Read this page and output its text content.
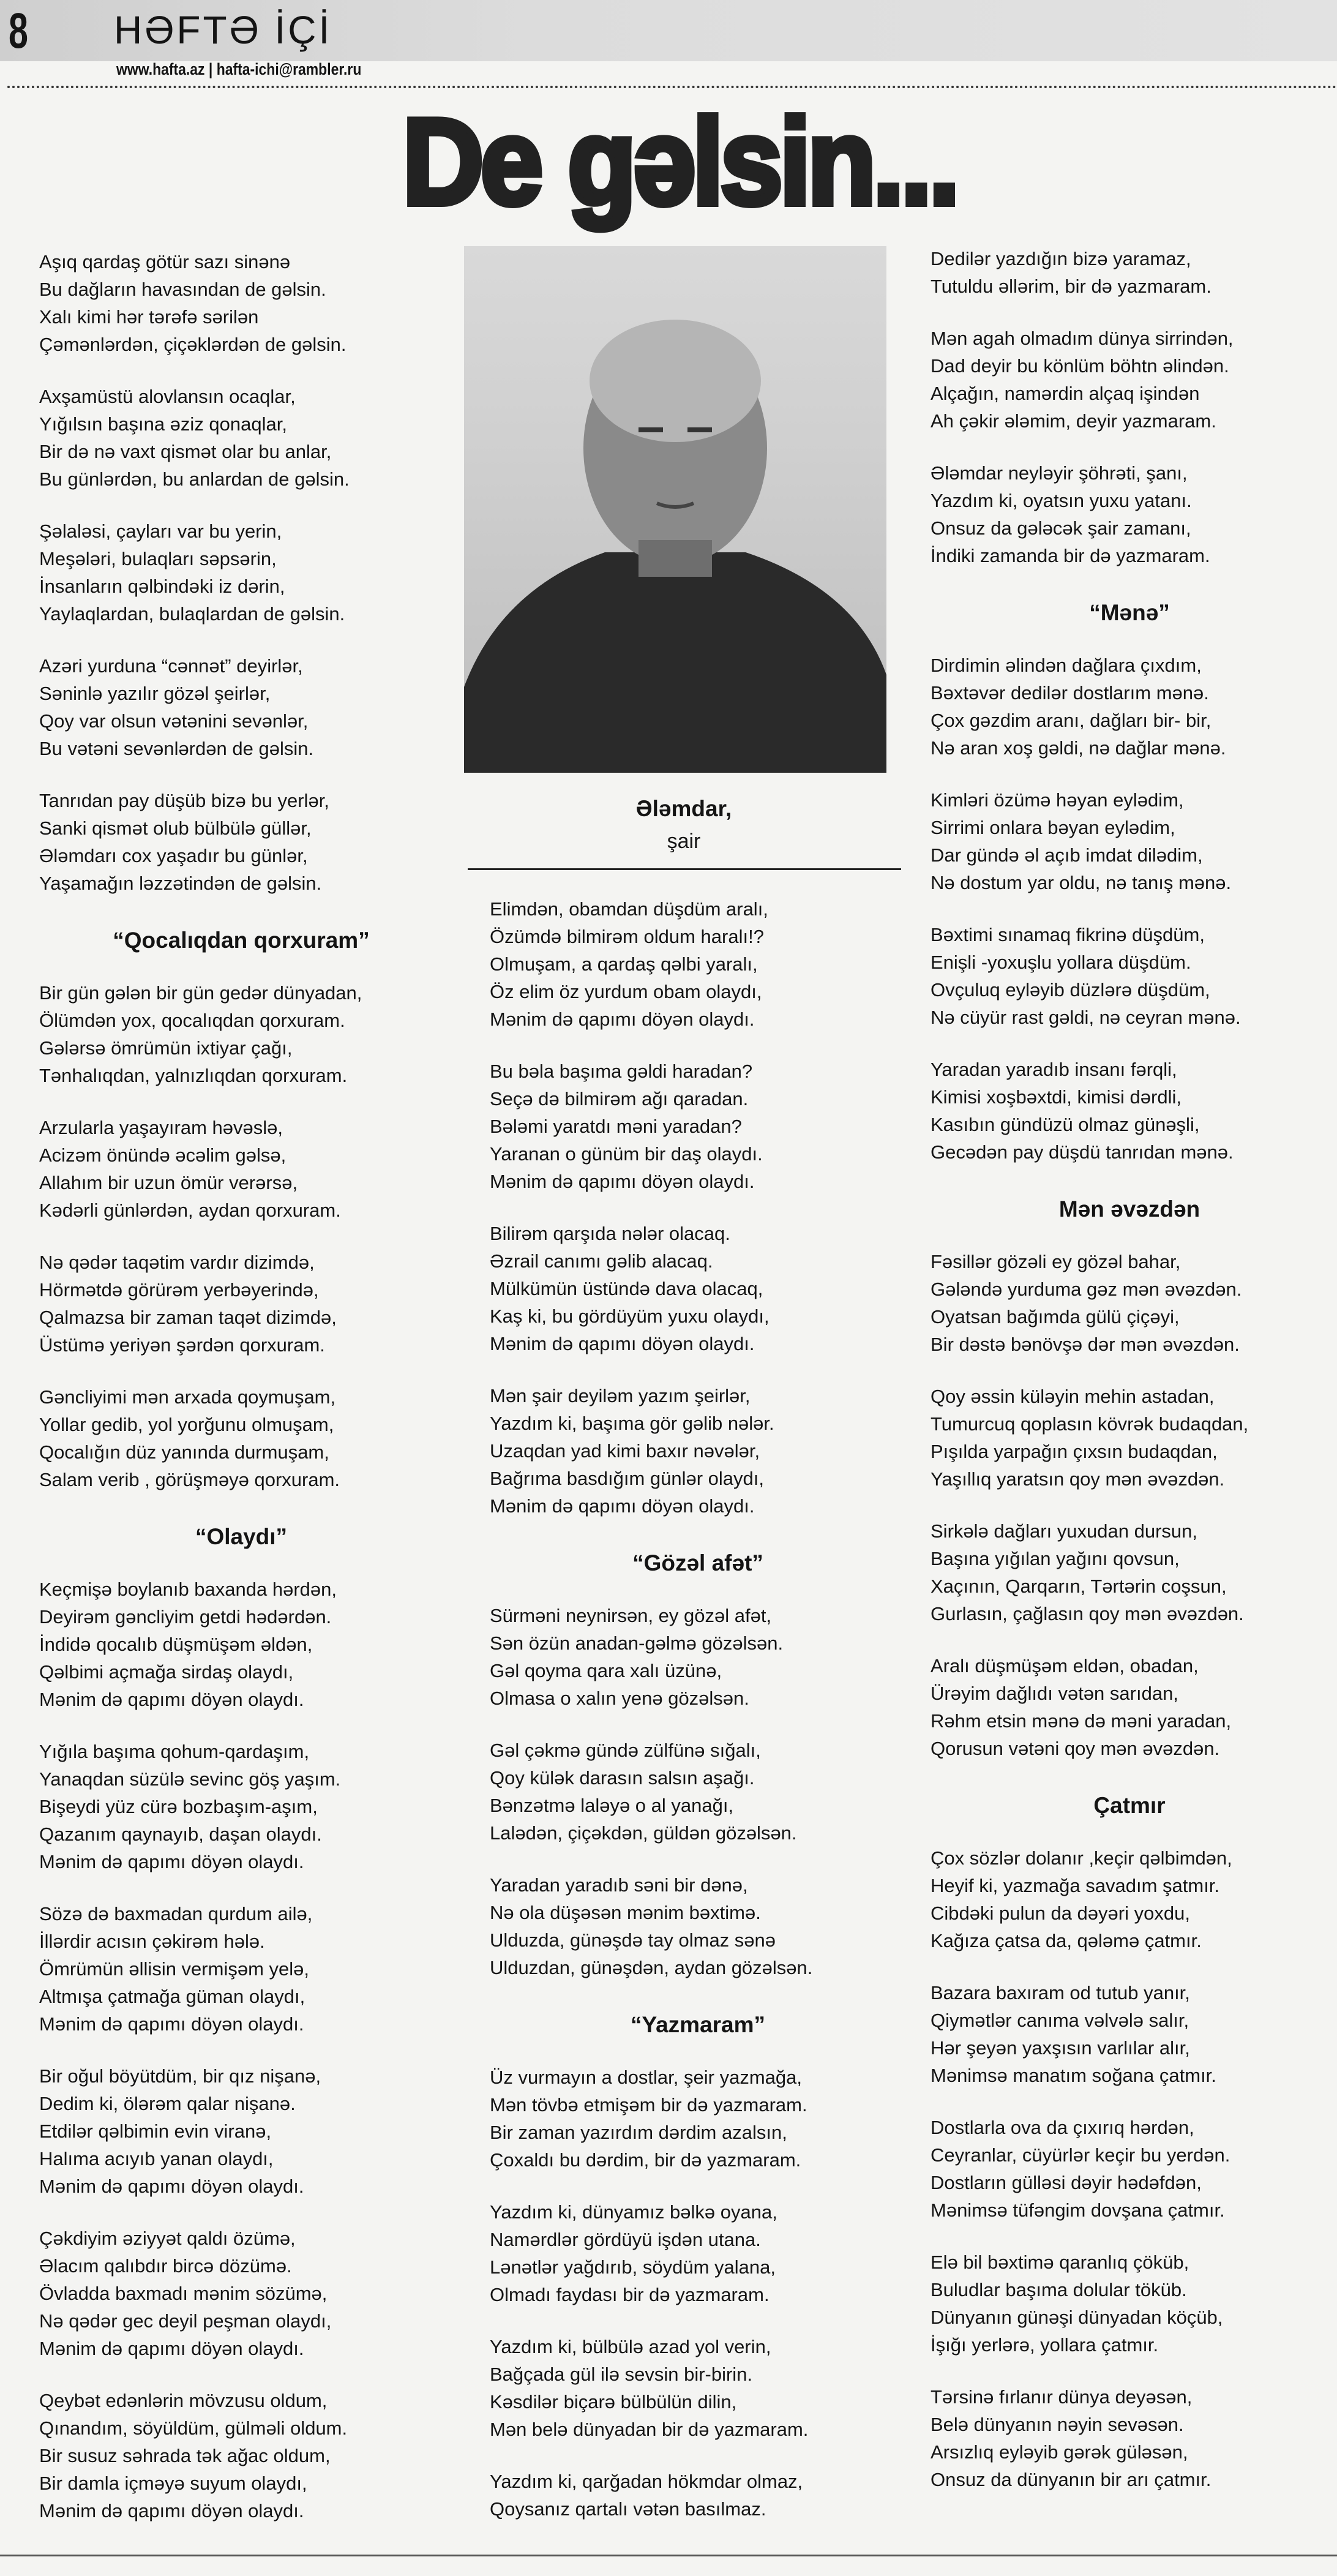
8 HƏFTƏ İÇİ
www.hafta.az | hafta-ichi@rambler.ru
De gəlsin...
Ələmdar,
şair
Aşıq qardaş götür sazı sinənə
Bu dağların havasından de gəlsin.
Xalı kimi hər tərəfə sərilən
Çəmənlərdən, çiçəklərdən de gəlsin.
Axşamüstü alovlansın ocaqlar,
Yığılsın başına əziz qonaqlar,
Bir də nə vaxt qismət olar bu anlar,
Bu günlərdən, bu anlardan de gəlsin.
Şəlaləsi, çayları var bu yerin,
Meşələri, bulaqları səpsərin,
İnsanların qəlbindəki iz dərin,
Yaylaqlardan, bulaqlardan de gəlsin.
Azəri yurduna “cənnət” deyirlər,
Səninlə yazılır gözəl şeirlər,
Qoy var olsun vətənini sevənlər,
Bu vətəni sevənlərdən de gəlsin.
Tanrıdan pay düşüb bizə bu yerlər,
Sanki qismət olub bülbülə güllər,
Ələmdarı cox yaşadır bu günlər,
Yaşamağın ləzzətindən de gəlsin.
“Qocalıqdan qorxuram”
Bir gün gələn bir gün gedər dünyadan,
Ölümdən yox, qocalıqdan qorxuram.
Gələrsə ömrümün ixtiyar çağı,
Tənhalıqdan, yalnızlıqdan qorxuram.
Arzularla yaşayıram həvəslə,
Acizəm önündə əcəlim gəlsə,
Allahım bir uzun ömür verərsə,
Kədərli günlərdən, aydan qorxuram.
Nə qədər taqətim vardır dizimdə,
Hörmətdə görürəm yerbəyerində,
Qalmazsa bir zaman taqət dizimdə,
Üstümə yeriyən şərdən qorxuram.
Gəncliyimi mən arxada qoymuşam,
Yollar gedib, yol yorğunu olmuşam,
Qocalığın düz yanında durmuşam,
Salam verib , görüşməyə qorxuram.
“Olaydı”
Keçmişə boylanıb baxanda hərdən,
Deyirəm gəncliyim getdi hədərdən.
İndidə qocalıb düşmüşəm əldən,
Qəlbimi açmağa sirdaş olaydı,
Mənim də qapımı döyən olaydı.
Yığıla başıma qohum-qardaşım,
Yanaqdan süzülə sevinc göş yaşım.
Bişeydi yüz cürə bozbaşım-aşım,
Qazanım qaynayıb, daşan olaydı.
Mənim də qapımı döyən olaydı.
Sözə də baxmadan qurdum ailə,
İllərdir acısın çəkirəm hələ.
Ömrümün əllisin vermişəm yelə,
Altmışa çatmağa güman olaydı,
Mənim də qapımı döyən olaydı.
Bir oğul böyütdüm, bir qız nişanə,
Dedim ki, ölərəm qalar nişanə.
Etdilər qəlbimin evin viranə,
Halıma acıyıb yanan olaydı,
Mənim də qapımı döyən olaydı.
Çəkdiyim əziyyət qaldı özümə,
Əlacım qalıbdır bircə dözümə.
Övladda baxmadı mənim sözümə,
Nə qədər gec deyil peşman olaydı,
Mənim də qapımı döyən olaydı.
Qeybət edənlərin mövzusu oldum,
Qınandım, söyüldüm, gülməli oldum.
Bir susuz səhrada tək ağac oldum,
Bir damla içməyə suyum olaydı,
Mənim də qapımı döyən olaydı.
Elimdən, obamdan düşdüm aralı,
Özümdə bilmirəm oldum haralı!?
Olmuşam, a qardaş qəlbi yaralı,
Öz elim öz yurdum obam olaydı,
Mənim də qapımı döyən olaydı.
Bu bəla başıma gəldi haradan?
Seçə də bilmirəm ağı qaradan.
Bələmi yaratdı məni yaradan?
Yaranan o günüm bir daş olaydı.
Mənim də qapımı döyən olaydı.
Bilirəm qarşıda nələr olacaq.
Əzrail canımı gəlib alacaq.
Mülkümün üstündə dava olacaq,
Kaş ki, bu gördüyüm yuxu olaydı,
Mənim də qapımı döyən olaydı.
Mən şair deyiləm yazım şeirlər,
Yazdım ki, başıma gör gəlib nələr.
Uzaqdan yad kimi baxır nəvələr,
Bağrıma basdığım günlər olaydı,
Mənim də qapımı döyən olaydı.
“Gözəl afət”
Sürməni neynirsən, ey gözəl afət,
Sən özün anadan-gəlmə gözəlsən.
Gəl qoyma qara xalı üzünə,
Olmasa o xalın yenə gözəlsən.
Gəl çəkmə gündə zülfünə sığalı,
Qoy külək darasın salsın aşağı.
Bənzətmə laləyə o al yanağı,
Lalədən, çiçəkdən, güldən gözəlsən.
Yaradan yaradıb səni bir dənə,
Nə ola düşəsən mənim bəxtimə.
Ulduzda, günəşdə tay olmaz sənə
Ulduzdan, günəşdən, aydan gözəlsən.
“Yazmaram”
Üz vurmayın a dostlar, şeir yazmağa,
Mən tövbə etmişəm bir də yazmaram.
Bir zaman yazırdım dərdim azalsın,
Çoxaldı bu dərdim, bir də yazmaram.
Yazdım ki, dünyamız bəlkə oyana,
Namərdlər gördüyü işdən utana.
Lənətlər yağdırıb, söydüm yalana,
Olmadı faydası bir də yazmaram.
Yazdım ki, bülbülə azad yol verin,
Bağçada gül ilə sevsin bir-birin.
Kəsdilər biçarə bülbülün dilin,
Mən belə dünyadan bir də yazmaram.
Yazdım ki, qarğadan hökmdar olmaz,
Qoysanız qartalı vətən basılmaz.
Dedilər yazdığın bizə yaramaz,
Tutuldu əllərim, bir də yazmaram.
Mən agah olmadım dünya sirrindən,
Dad deyir bu könlüm böhtn əlindən.
Alçağın, namərdin alçaq işindən
Ah çəkir ələmim, deyir yazmaram.
Ələmdar neyləyir şöhrəti, şanı,
Yazdım ki, oyatsın yuxu yatanı.
Onsuz da gələcək şair zamanı,
İndiki zamanda bir də yazmaram.
“Mənə”
Dirdimin əlindən dağlara çıxdım,
Bəxtəvər dedilər dostlarım mənə.
Çox gəzdim aranı, dağları bir- bir,
Nə aran xoş gəldi, nə dağlar mənə.
Kimləri özümə həyan eylədim,
Sirrimi onlara bəyan eylədim,
Dar gündə əl açıb imdat dilədim,
Nə dostum yar oldu, nə tanış mənə.
Bəxtimi sınamaq fikrinə düşdüm,
Enişli -yoxuşlu yollara düşdüm.
Ovçuluq eyləyib düzlərə düşdüm,
Nə cüyür rast gəldi, nə ceyran mənə.
Yaradan yaradıb insanı fərqli,
Kimisi xoşbəxtdi, kimisi dərdli,
Kasıbın gündüzü olmaz günəşli,
Gecədən pay düşdü tanrıdan mənə.
Mən əvəzdən
Fəsillər gözəli ey gözəl bahar,
Gələndə yurduma gəz mən əvəzdən.
Oyatsan bağımda gülü çiçəyi,
Bir dəstə bənövşə dər mən əvəzdən.
Qoy əssin küləyin mehin astadan,
Tumurcuq qoplasın kövrək budaqdan,
Pışılda yarpağın çıxsın budaqdan,
Yaşıllıq yaratsın qoy mən əvəzdən.
Sirkələ dağları yuxudan dursun,
Başına yığılan yağını qovsun,
Xaçının, Qarqarın, Tərtərin coşsun,
Gurlasın, çağlasın qoy mən əvəzdən.
Aralı düşmüşəm eldən, obadan,
Ürəyim dağlıdı vətən sarıdan,
Rəhm etsin mənə də məni yaradan,
Qorusun vətəni qoy mən əvəzdən.
Çatmır
Çox sözlər dolanır ,keçir qəlbimdən,
Heyif ki, yazmağa savadım şatmır.
Cibdəki pulun da dəyəri yoxdu,
Kağıza çatsa da, qələmə çatmır.
Bazara baxıram od tutub yanır,
Qiymətlər canıma vəlvələ salır,
Hər şeyən yaxşısın varlılar alır,
Mənimsə manatım soğana çatmır.
Dostlarla ova da çıxırıq hərdən,
Ceyranlar, cüyürlər keçir bu yerdən.
Dostların gülləsi dəyir hədəfdən,
Mənimsə tüfəngim dovşana çatmır.
Elə bil bəxtimə qaranlıq çöküb,
Buludlar başıma dolular töküb.
Dünyanın günəşi dünyadan köçüb,
İşığı yerlərə, yollara çatmır.
Tərsinə fırlanır dünya deyəsən,
Belə dünyanın nəyin sevəsən.
Arsızlıq eyləyib gərək güləsən,
Onsuz da dünyanın bir arı çatmır.
